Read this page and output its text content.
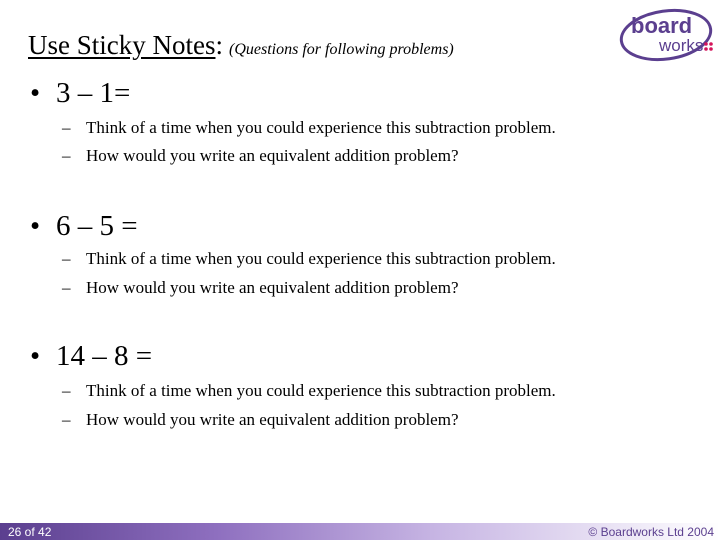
Use Sticky Notes: (Questions for following problems)
board
works
• 3 – 1=
– Think of a time when you could experience this subtraction problem.
– How would you write an equivalent addition problem?
• 6 – 5 =
– Think of a time when you could experience this subtraction problem.
– How would you write an equivalent addition problem?
• 14 – 8 =
– Think of a time when you could experience this subtraction problem.
– How would you write an equivalent addition problem?
26 of 42	© Boardworks Ltd 2004
